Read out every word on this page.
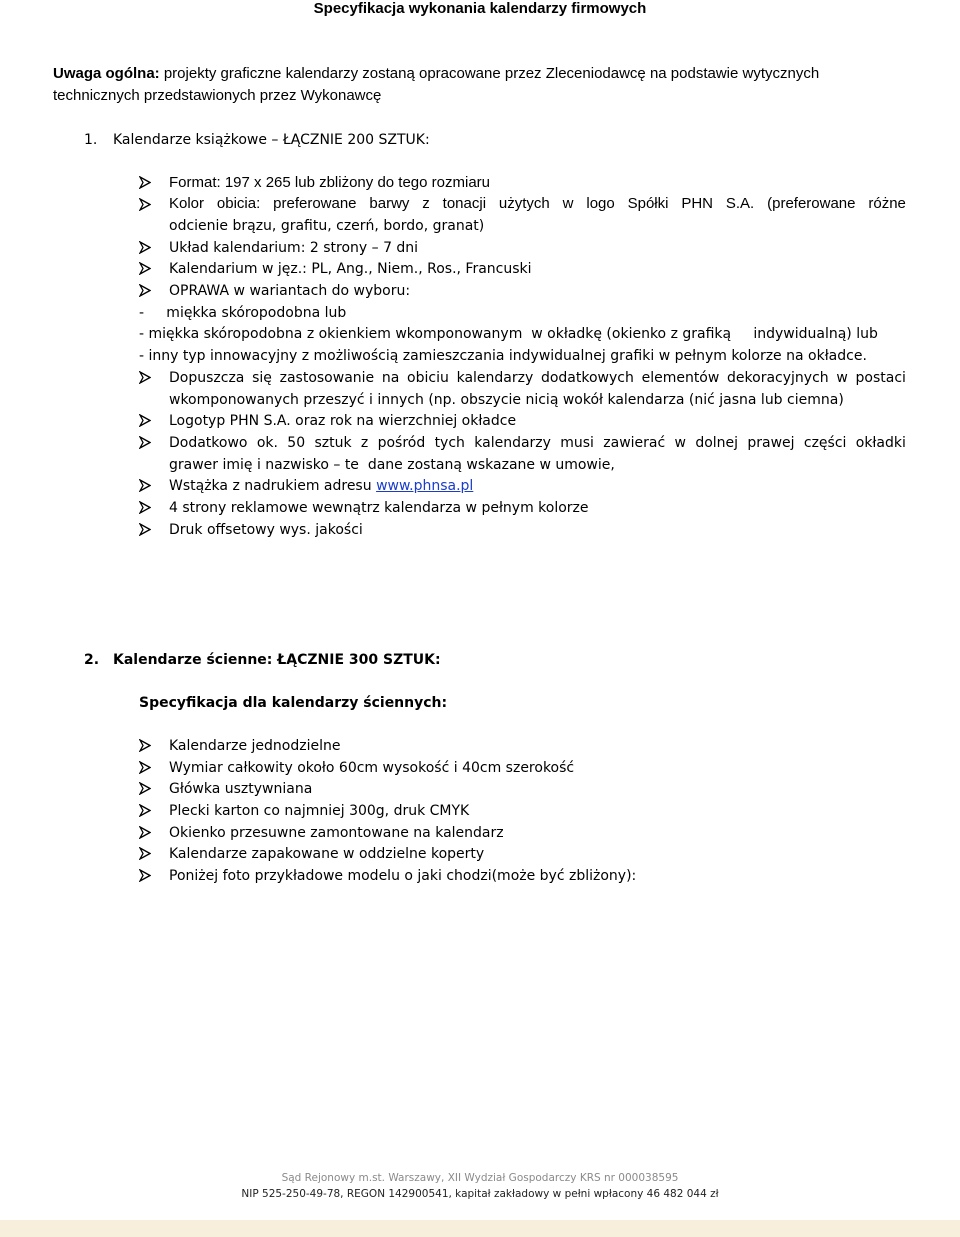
Specyfikacja wykonania kalendarzy firmowych
Uwaga ogólna: projekty graficzne kalendarzy zostaną opracowane przez Zleceniodawcę na podstawie wytycznych
technicznych przedstawionych przez Wykonawcę
1. Kalendarze książkowe – ŁĄCZNIE 200 SZTUK:
Format: 197 x 265 lub zbliżony do tego rozmiaru
Kolor obicia: preferowane barwy z tonacji użytych w logo Spółki PHN S.A. (preferowane różne
odcienie brązu, grafitu, czerń, bordo, granat)
Układ kalendarium: 2 strony – 7 dni
Kalendarium w jęz.: PL, Ang., Niem., Ros., Francuski
OPRAWA w wariantach do wyboru:
-     miękka skóropodobna lub
- miękka skóropodobna z okienkiem wkomponowanym  w okładkę (okienko z grafiką     indywidualną) lub
- inny typ innowacyjny z możliwością zamieszczania indywidualnej grafiki w pełnym kolorze na okładce.
Dopuszcza się zastosowanie na obiciu kalendarzy dodatkowych elementów dekoracyjnych w postaci
wkomponowanych przeszyć i innych (np. obszycie nicią wokół kalendarza (nić jasna lub ciemna)
Logotyp PHN S.A. oraz rok na wierzchniej okładce
Dodatkowo ok. 50 sztuk z pośród tych kalendarzy musi zawierać w dolnej prawej części okładki
grawer imię i nazwisko – te  dane zostaną wskazane w umowie,
Wstążka z nadrukiem adresu www.phnsa.pl
4 strony reklamowe wewnątrz kalendarza w pełnym kolorze
Druk offsetowy wys. jakości
2. Kalendarze ścienne: ŁĄCZNIE 300 SZTUK:
Specyfikacja dla kalendarzy ściennych:
Kalendarze jednodzielne
Wymiar całkowity około 60cm wysokość i 40cm szerokość
Główka usztywniana
Plecki karton co najmniej 300g, druk CMYK
Okienko przesuwne zamontowane na kalendarz
Kalendarze zapakowane w oddzielne koperty
Poniżej foto przykładowe modelu o jaki chodzi(może być zbliżony):
Sąd Rejonowy m.st. Warszawy, XII Wydział Gospodarczy KRS nr 000038595
NIP 525-250-49-78, REGON 142900541, kapitał zakładowy w pełni wpłacony 46 482 044 zł
